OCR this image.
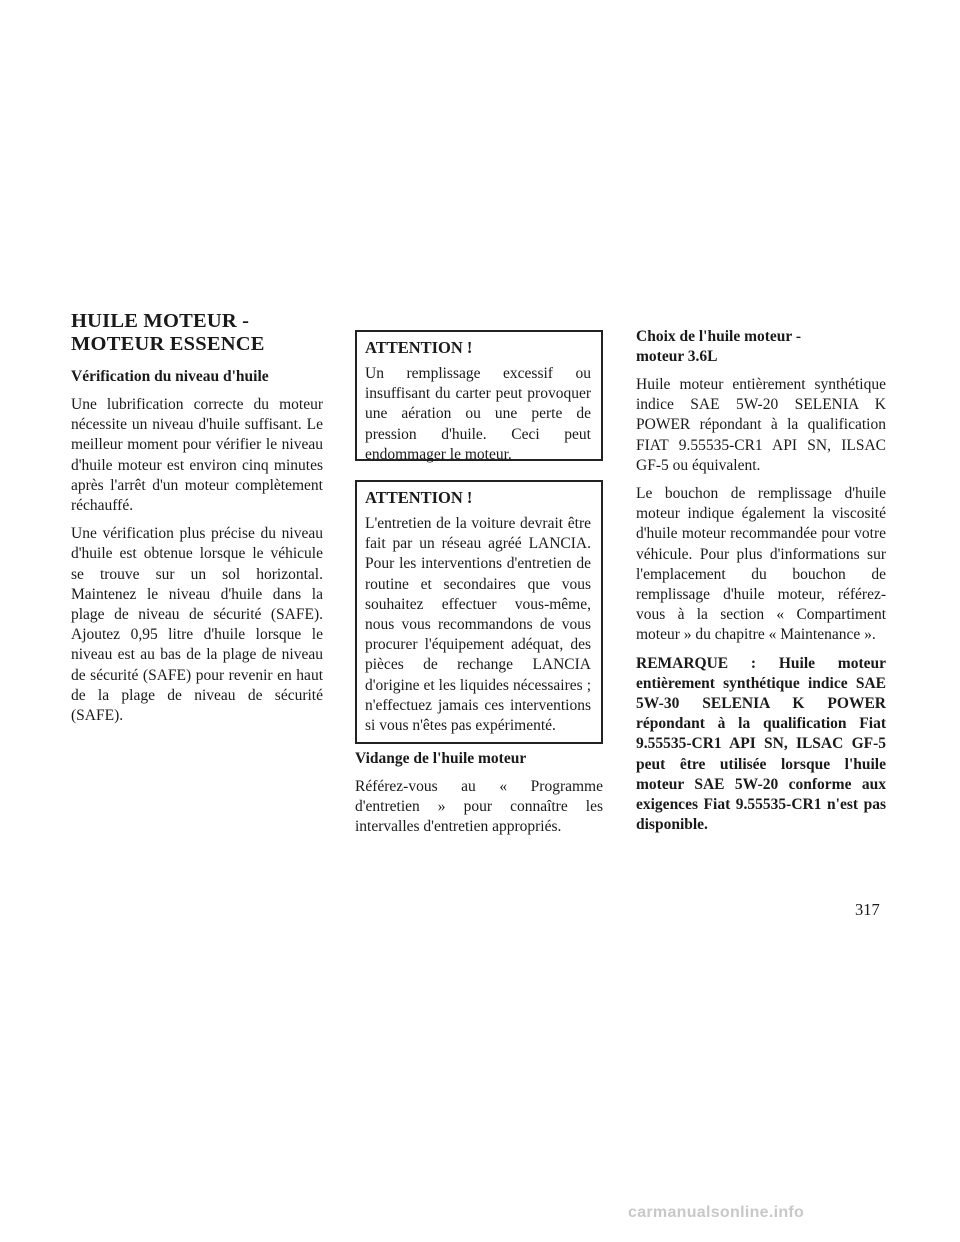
HUILE MOTEUR -
MOTEUR ESSENCE
Vérification du niveau d'huile

Une lubrification correcte du moteur nécessite un niveau d'huile suffisant. Le meilleur moment pour vérifier le niveau d'huile moteur est environ cinq minutes après l'arrêt d'un moteur complètement réchauffé.

Une vérification plus précise du niveau d'huile est obtenue lorsque le véhicule se trouve sur un sol horizontal. Maintenez le niveau d'huile dans la plage de niveau de sécurité (SAFE). Ajoutez 0,95 litre d'huile lorsque le niveau est au bas de la plage de niveau de sécurité (SAFE) pour revenir en haut de la plage de niveau de sécurité (SAFE).

ATTENTION !

Un remplissage excessif ou insuffisant du carter peut provoquer une aération ou une perte de pression d'huile. Ceci peut endommager le moteur.

ATTENTION !

L'entretien de la voiture devrait être fait par un réseau agréé LANCIA. Pour les interventions d'entretien de routine et secondaires que vous souhaitez effectuer vous-même, nous vous recommandons de vous procurer l'équipement adéquat, des pièces de rechange LANCIA d'origine et les liquides nécessaires ; n'effectuez jamais ces interventions si vous n'êtes pas expérimenté.

Vidange de l'huile moteur

Référez-vous au « Programme d'entretien » pour connaître les intervalles d'entretien appropriés.

Choix de l'huile moteur -
moteur 3.6L

Huile moteur entièrement synthétique indice SAE 5W-20 SELENIA K POWER répondant à la qualification FIAT 9.55535-CR1 API SN, ILSAC GF-5 ou équivalent.

Le bouchon de remplissage d'huile moteur indique également la viscosité d'huile moteur recommandée pour votre véhicule. Pour plus d'informations sur l'emplacement du bouchon de remplissage d'huile moteur, référez-vous à la section « Compartiment moteur » du chapitre « Maintenance ».

REMARQUE : Huile moteur entièrement synthétique indice SAE 5W-30 SELENIA K POWER répondant à la qualification Fiat 9.55535-CR1 API SN, ILSAC GF-5 peut être utilisée lorsque l'huile moteur SAE 5W-20 conforme aux exigences Fiat 9.55535-CR1 n'est pas disponible.

317
carmanualsonline.info
